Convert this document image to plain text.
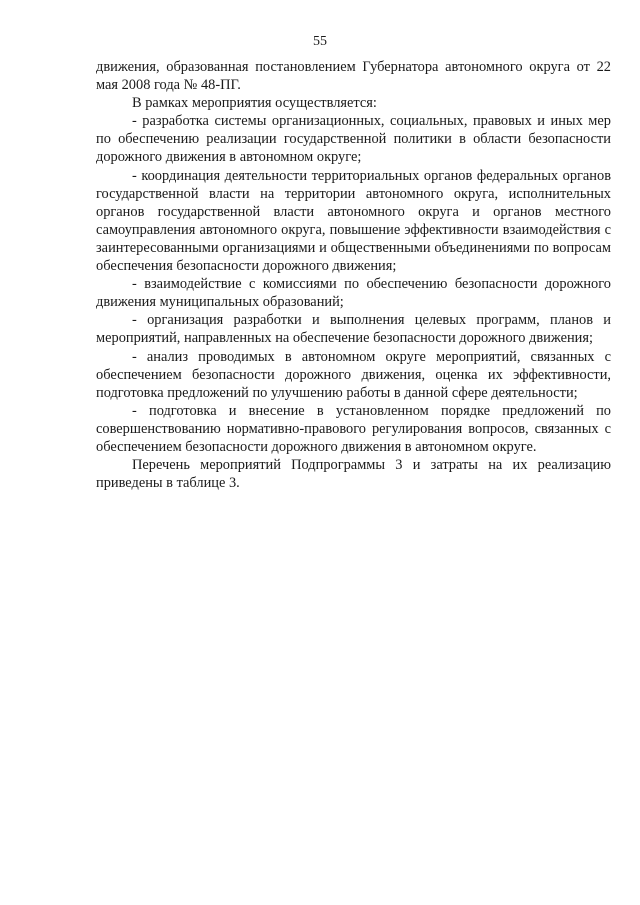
55

движения, образованная постановлением Губернатора автономного округа от 22 мая 2008 года № 48-ПГ.

В рамках мероприятия осуществляется:

- разработка системы организационных, социальных, правовых и иных мер по обеспечению реализации государственной политики в области безопасности дорожного движения в автономном округе;

- координация деятельности территориальных органов федеральных органов государственной власти на территории автономного округа, исполнительных органов государственной власти автономного округа и органов местного самоуправления автономного округа, повышение эффективности взаимодействия с заинтересованными организациями и общественными объединениями по вопросам обеспечения безопасности дорожного движения;

- взаимодействие с комиссиями по обеспечению безопасности дорожного движения муниципальных образований;

- организация разработки и выполнения целевых программ, планов и мероприятий, направленных на обеспечение безопасности дорожного движения;

- анализ проводимых в автономном округе мероприятий, связанных с обеспечением безопасности дорожного движения, оценка их эффективности, подготовка предложений по улучшению работы в данной сфере деятельности;

- подготовка и внесение в установленном порядке предложений по совершенствованию нормативно-правового регулирования вопросов, связанных с обеспечением безопасности дорожного движения в автономном округе.

Перечень мероприятий Подпрограммы 3 и затраты на их реализацию приведены в таблице 3.
